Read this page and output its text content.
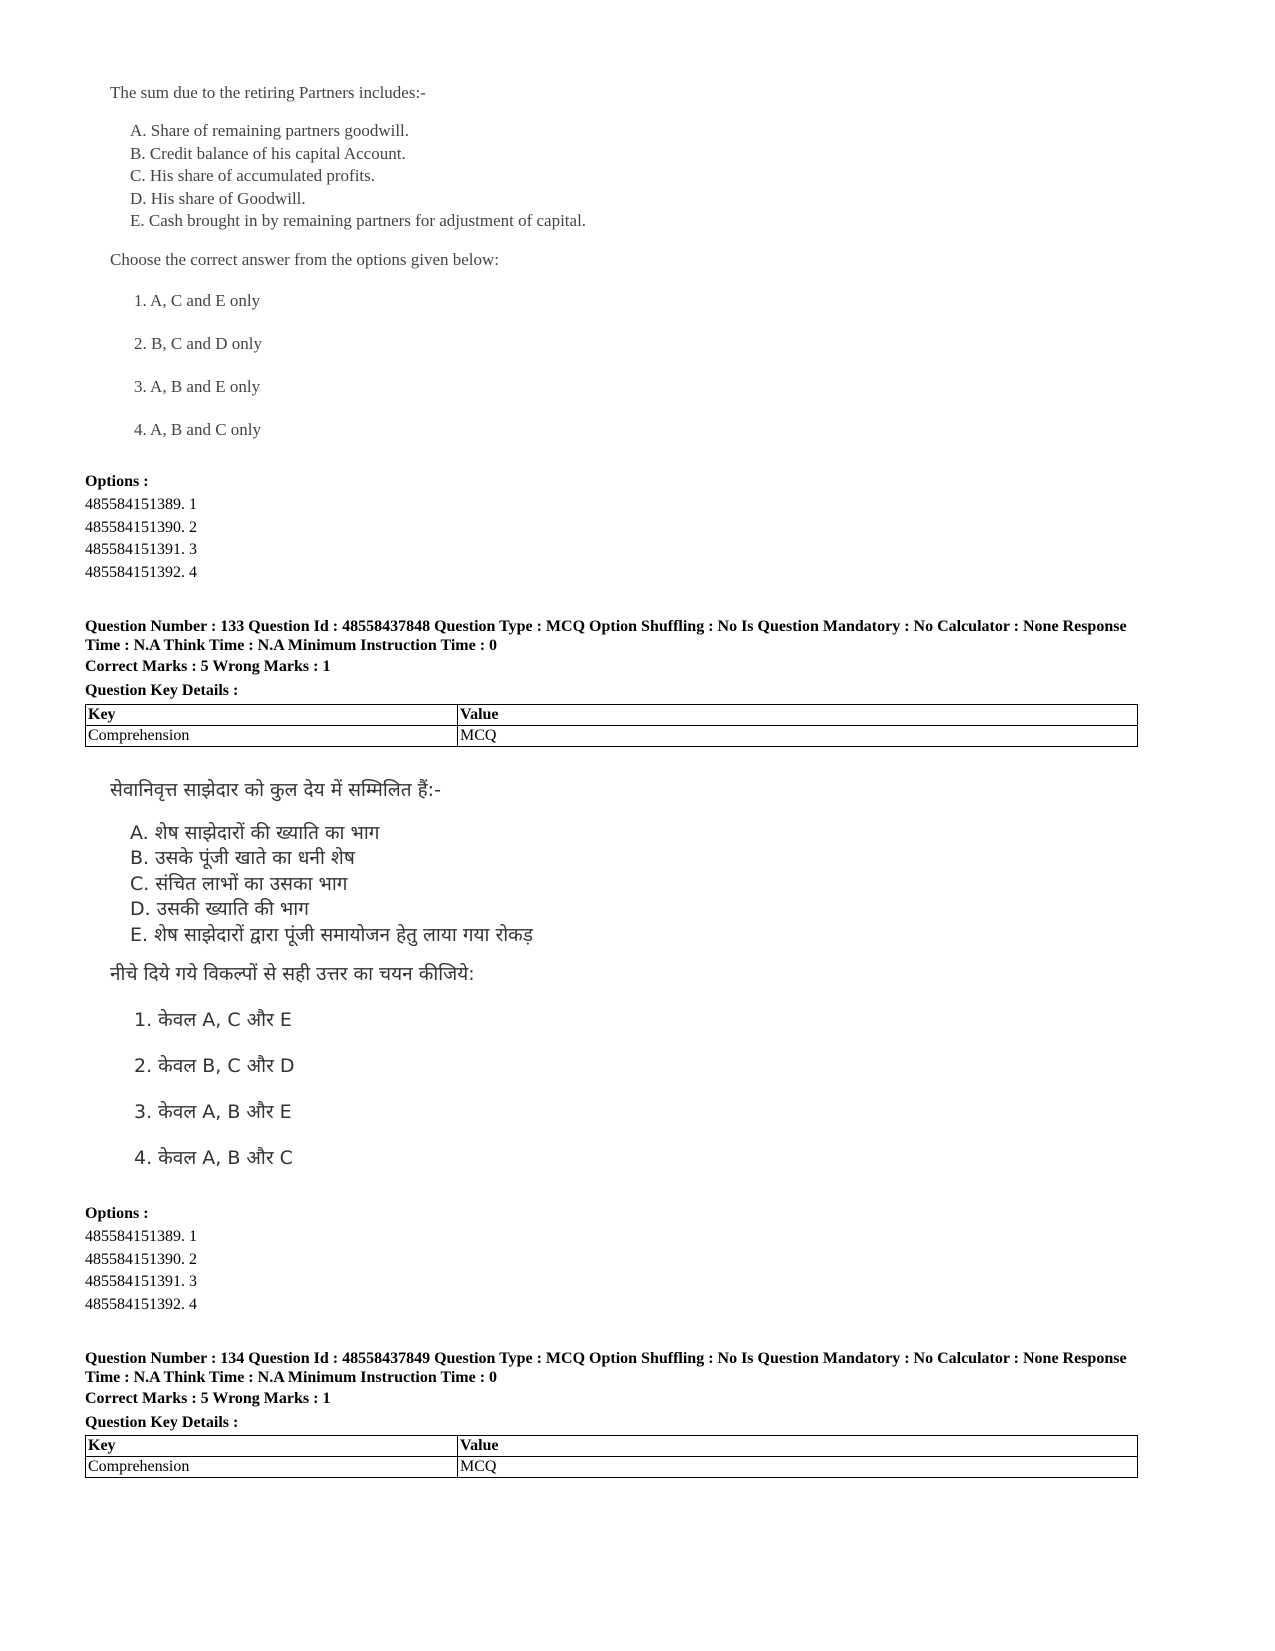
The sum due to the retiring Partners includes:-
A. Share of remaining partners goodwill.
B. Credit balance of his capital Account.
C. His share of accumulated profits.
D. His share of Goodwill.
E. Cash brought in by remaining partners for adjustment of capital.
Choose the correct answer from the options given below:
1. A, C and E only
2. B, C and D only
3. A, B and E only
4. A, B and C only
Options :
485584151389. 1
485584151390. 2
485584151391. 3
485584151392. 4
Question Number : 133 Question Id : 48558437848 Question Type : MCQ Option Shuffling : No Is Question Mandatory : No Calculator : None Response Time : N.A Think Time : N.A Minimum Instruction Time : 0
Correct Marks : 5 Wrong Marks : 1
Question Key Details :
Key	Value
Comprehension	MCQ
सेवानिवृत्त साझेदार को कुल देय में सम्मिलित हैं:-
A. शेष साझेदारों की ख्याति का भाग
B. उसके पूंजी खाते का धनी शेष
C. संचित लाभों का उसका भाग
D. उसकी ख्याति की भाग
E. शेष साझेदारों द्वारा पूंजी समायोजन हेतु लाया गया रोकड़
नीचे दिये गये विकल्पों से सही उत्तर का चयन कीजिये:
1. केवल A, C और E
2. केवल B, C और D
3. केवल A, B और E
4. केवल A, B और C
Options :
485584151389. 1
485584151390. 2
485584151391. 3
485584151392. 4
Question Number : 134 Question Id : 48558437849 Question Type : MCQ Option Shuffling : No Is Question Mandatory : No Calculator : None Response Time : N.A Think Time : N.A Minimum Instruction Time : 0
Correct Marks : 5 Wrong Marks : 1
Question Key Details :
Key	Value
Comprehension	MCQ
